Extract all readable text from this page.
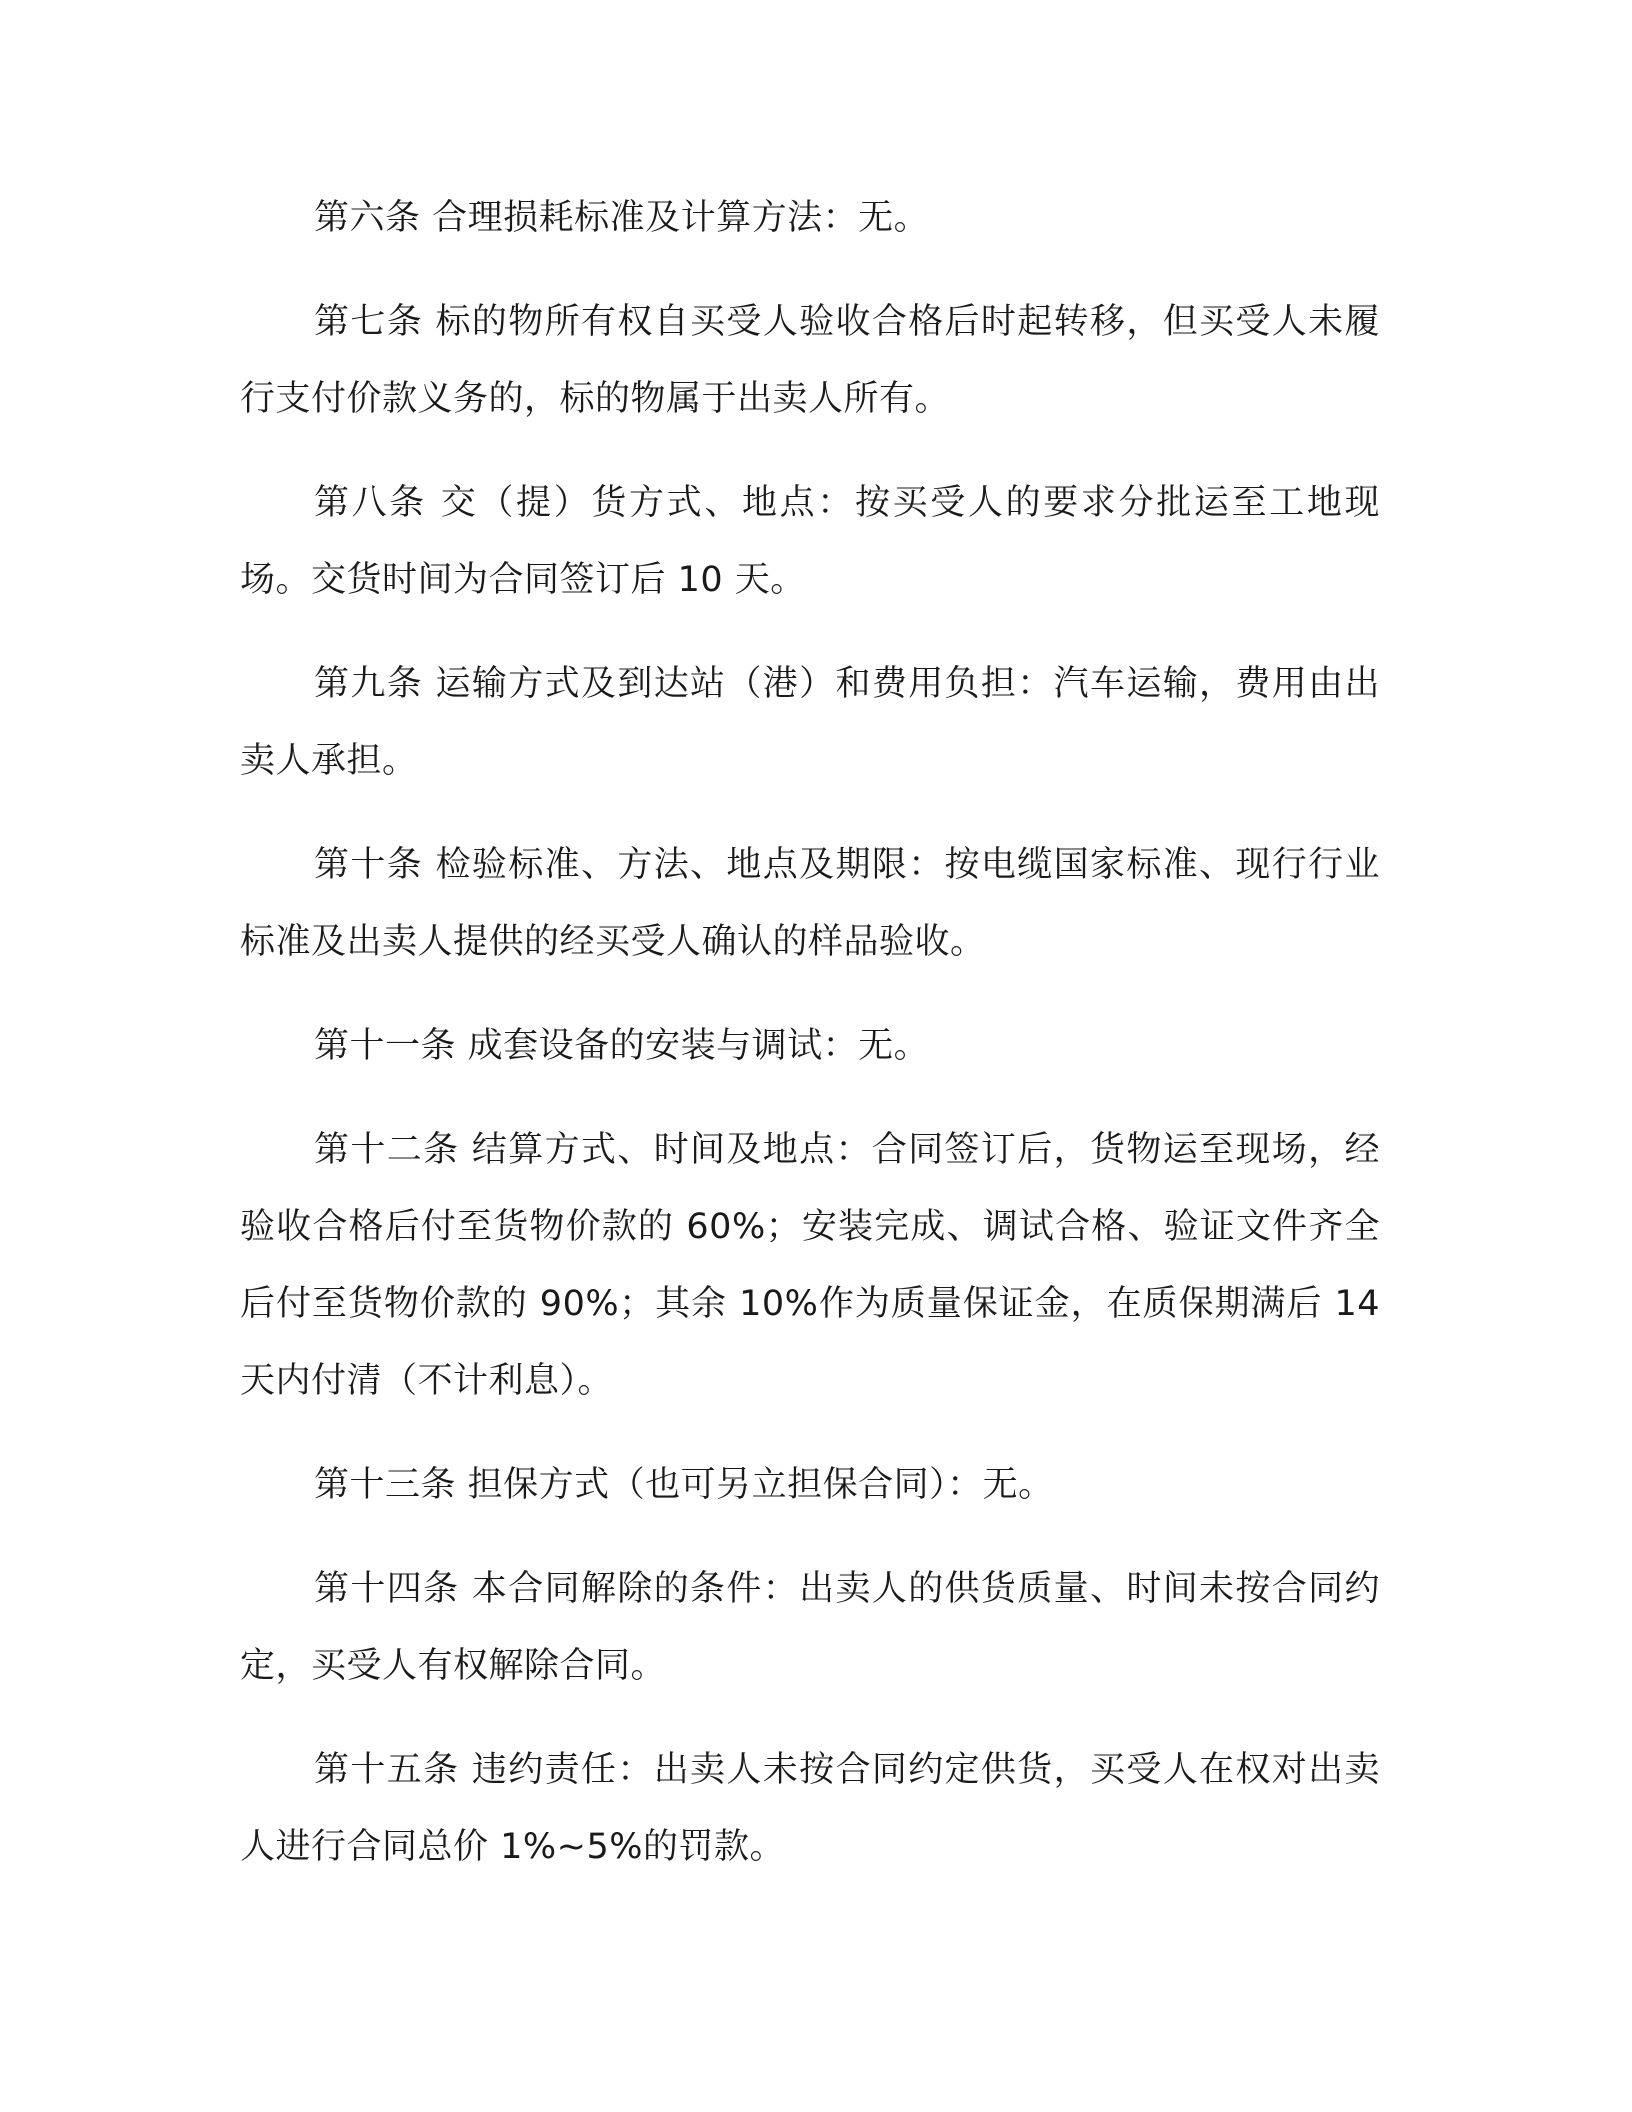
第六条 合理损耗标准及计算方法：无。

第七条 标的物所有权自买受人验收合格后时起转移，但买受人未履行支付价款义务的，标的物属于出卖人所有。

第八条 交（提）货方式、地点：按买受人的要求分批运至工地现场。交货时间为合同签订后 10 天。

第九条 运输方式及到达站（港）和费用负担：汽车运输，费用由出卖人承担。

第十条 检验标准、方法、地点及期限：按电缆国家标准、现行行业标准及出卖人提供的经买受人确认的样品验收。

第十一条 成套设备的安装与调试：无。

第十二条 结算方式、时间及地点：合同签订后，货物运至现场，经验收合格后付至货物价款的 60%；安装完成、调试合格、验证文件齐全后付至货物价款的 90%；其余 10%作为质量保证金，在质保期满后 14 天内付清（不计利息）。

第十三条 担保方式（也可另立担保合同）：无。

第十四条 本合同解除的条件：出卖人的供货质量、时间未按合同约定，买受人有权解除合同。

第十五条 违约责任：出卖人未按合同约定供货，买受人在权对出卖人进行合同总价 1%~5%的罚款。
